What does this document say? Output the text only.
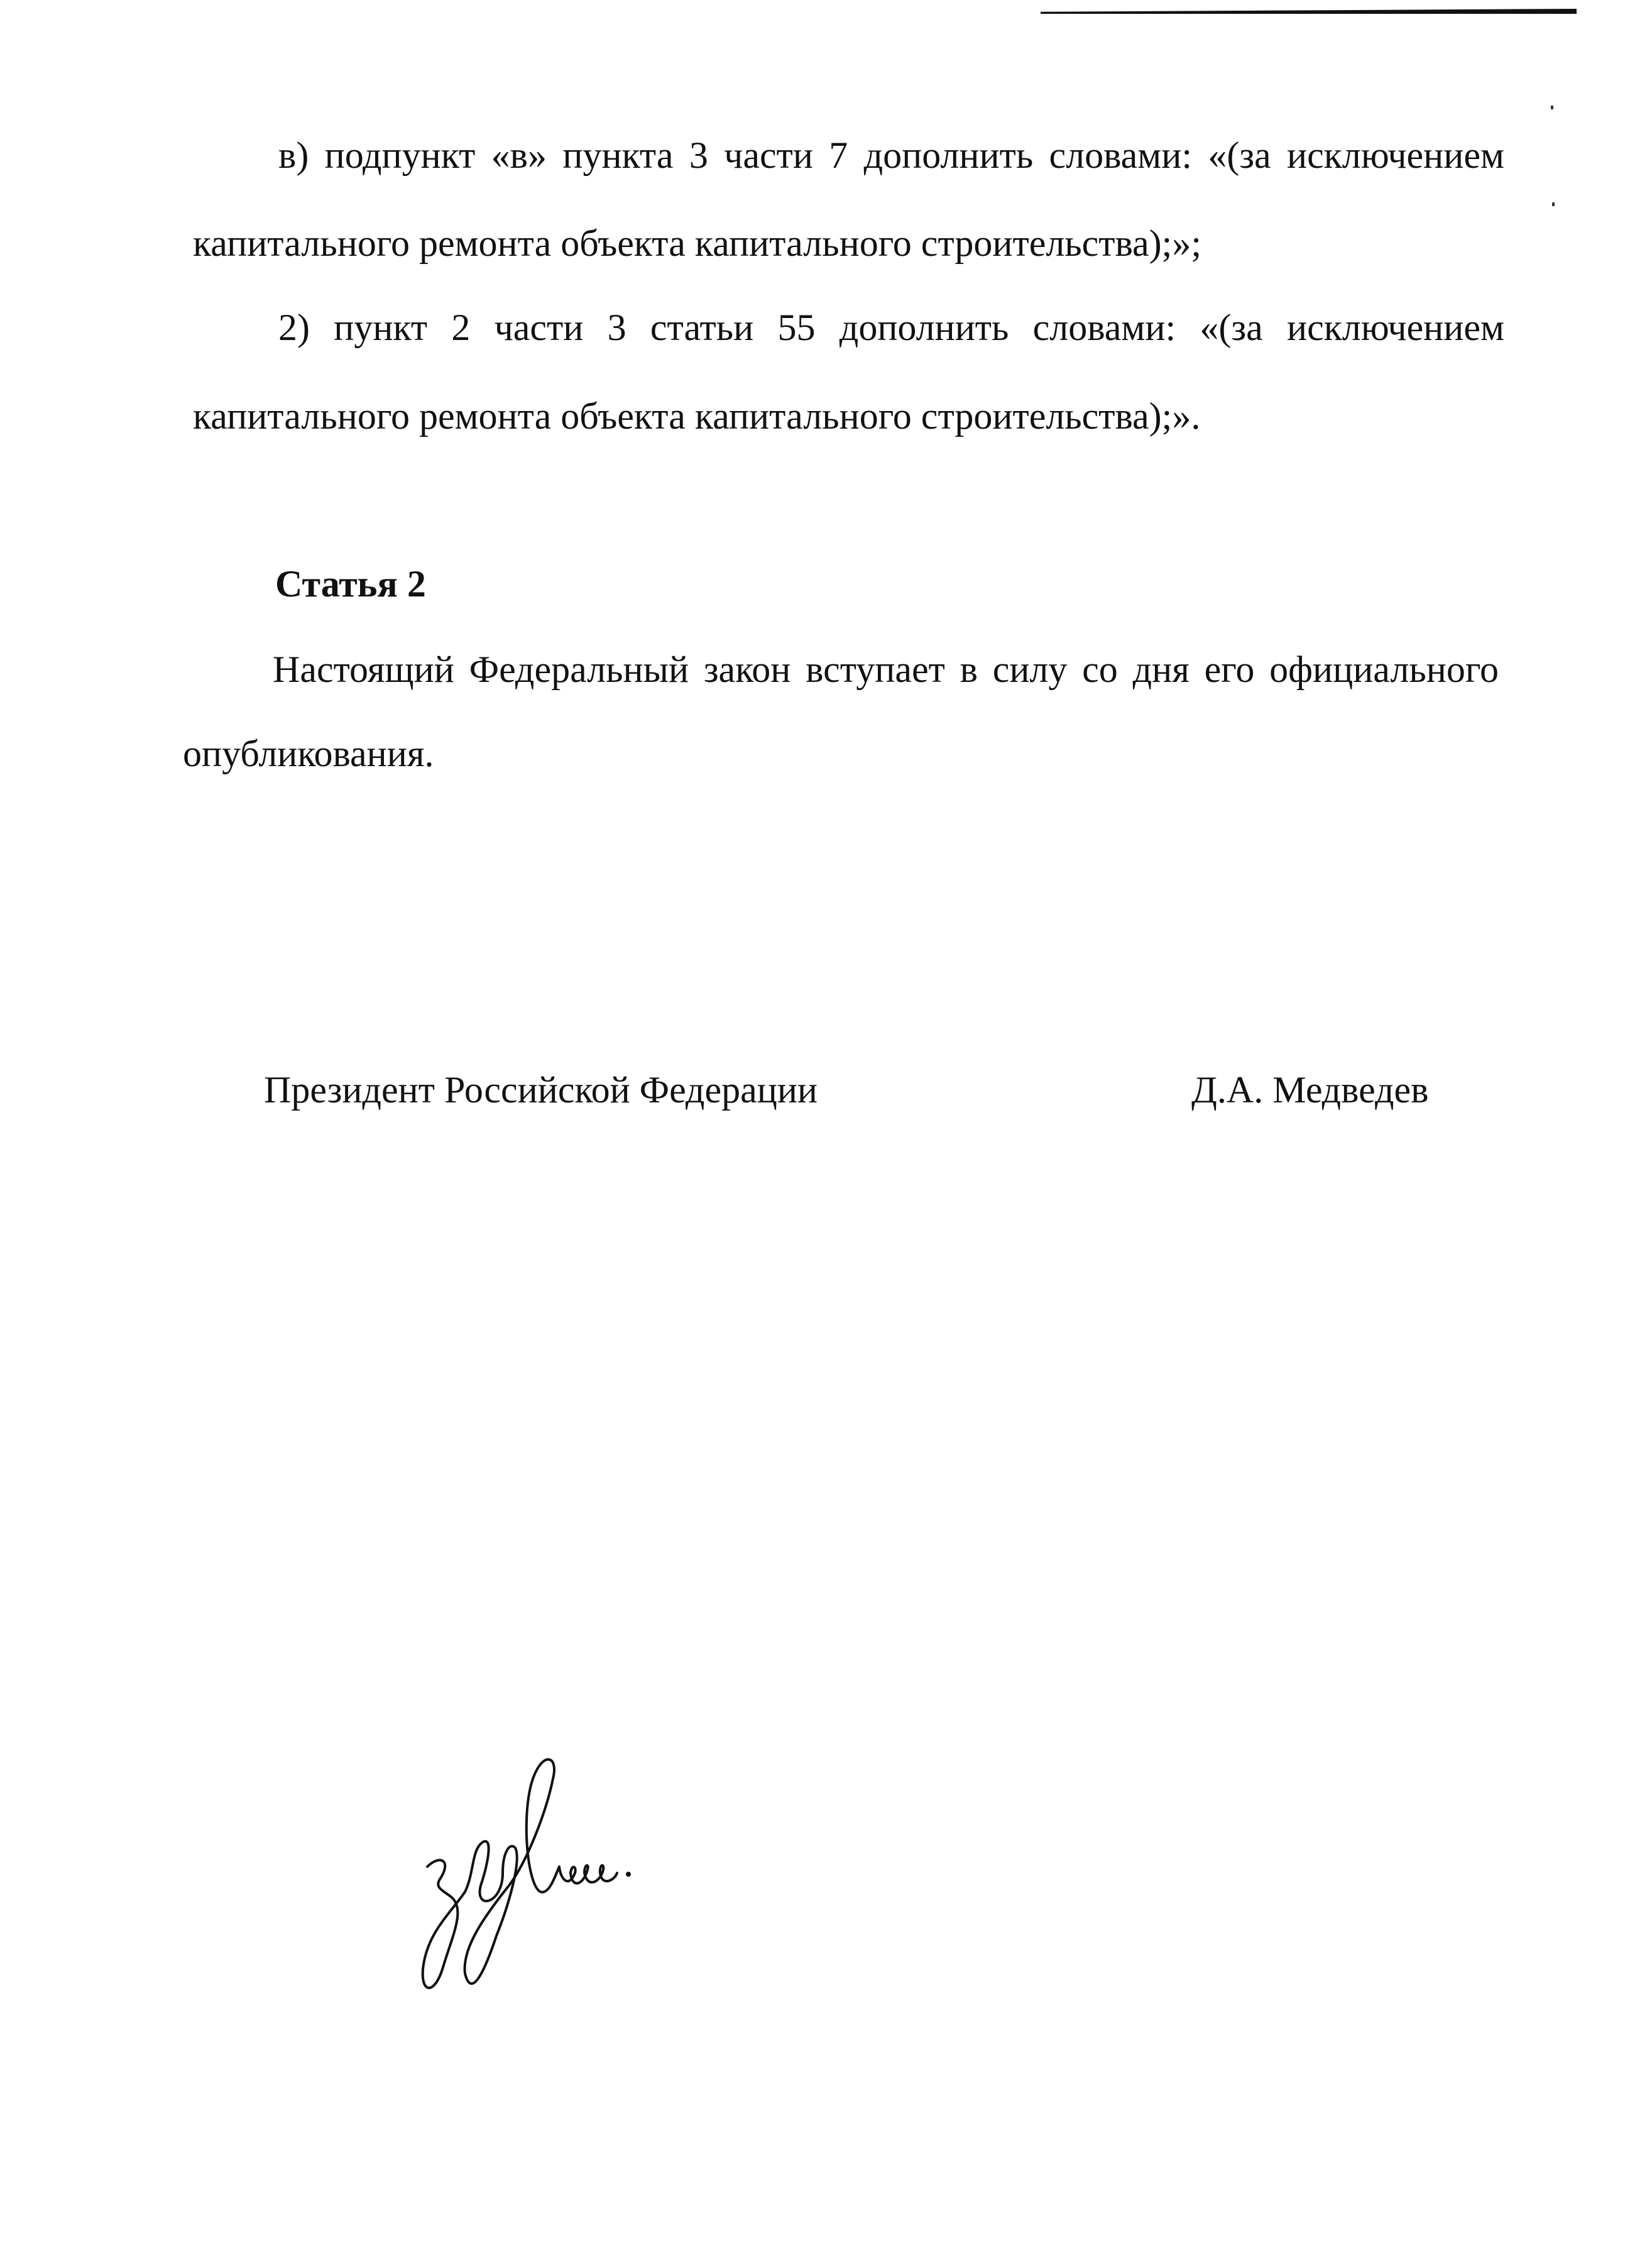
в) подпункт «в» пункта 3 части 7 дополнить словами: «(за исключением
капитального ремонта объекта капитального строительства);»;
2) пункт 2 части 3 статьи 55 дополнить словами: «(за исключением
капитального ремонта объекта капитального строительства);».
Статья 2
Настоящий Федеральный закон вступает в силу со дня его официального
опубликования.
Президент Российской Федерации	Д.А. Медведев
